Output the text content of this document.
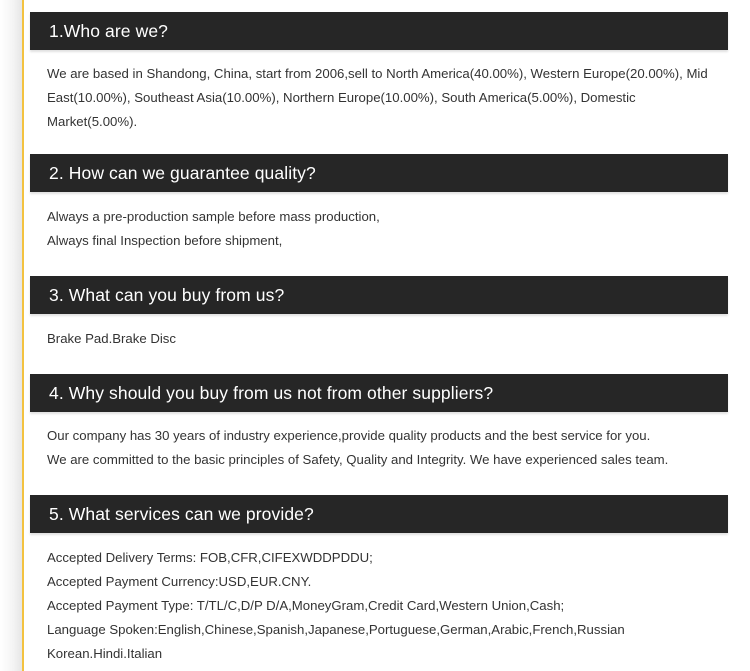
1.Who are we?
We are based in Shandong, China, start from 2006,sell to North America(40.00%), Western Europe(20.00%), Mid East(10.00%), Southeast Asia(10.00%), Northern Europe(10.00%), South America(5.00%), Domestic Market(5.00%).
2. How can we guarantee quality?
Always a pre-production sample before mass production,
Always final Inspection before shipment,
3. What can you buy from us?
Brake Pad.Brake Disc
4. Why should you buy from us not from other suppliers?
Our company has 30 years of industry experience,provide quality products and the best service for you.
We are committed to the basic principles of Safety, Quality and Integrity. We have experienced sales team.
5. What services can we provide?
Accepted Delivery Terms: FOB,CFR,CIFEXWDDPDDU;
Accepted Payment Currency:USD,EUR.CNY.
Accepted Payment Type: T/TL/C,D/P D/A,MoneyGram,Credit Card,Western Union,Cash;
Language Spoken:English,Chinese,Spanish,Japanese,Portuguese,German,Arabic,French,Russian
Korean.Hindi.Italian
